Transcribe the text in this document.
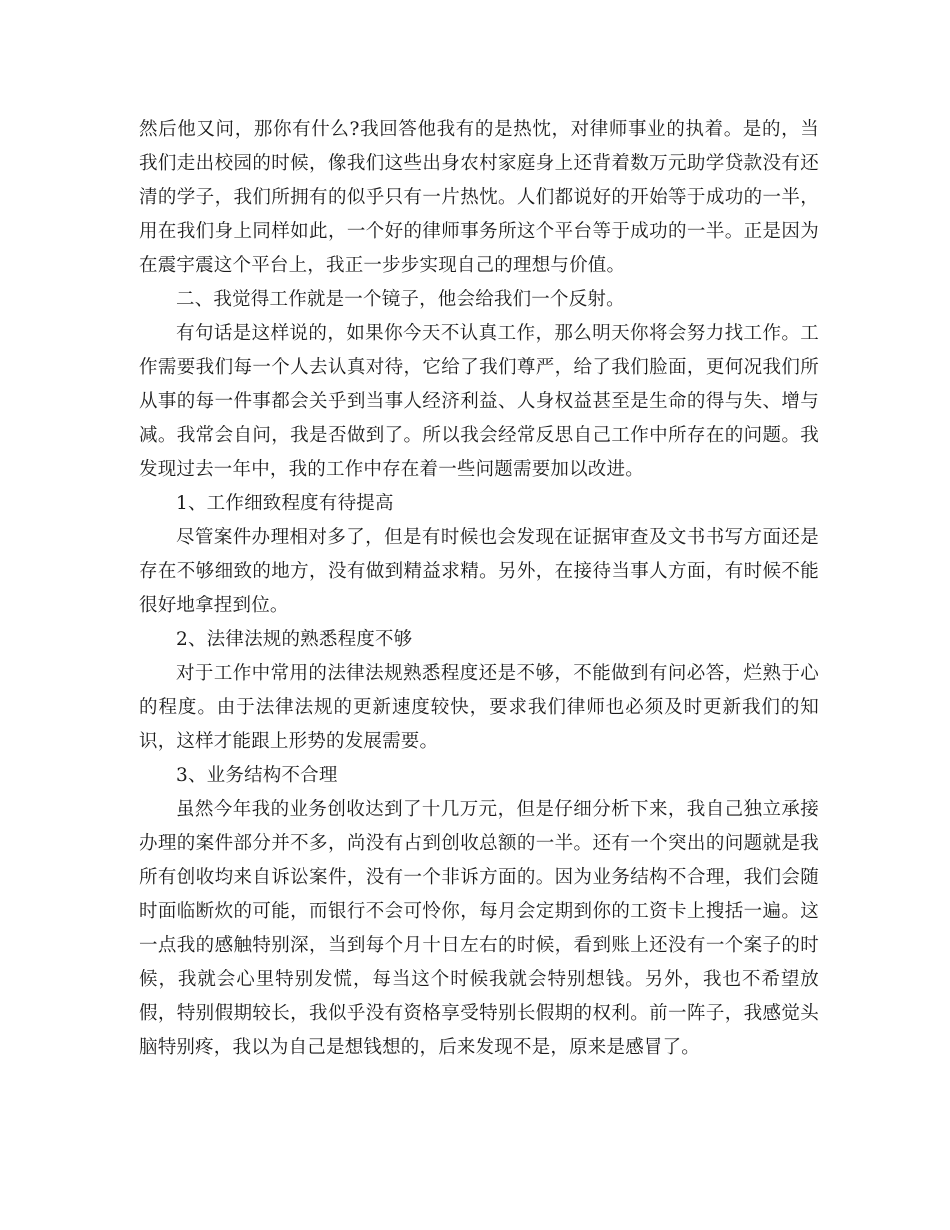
然后他又问，那你有什么?我回答他我有的是热忱，对律师事业的执着。是的，当我们走出校园的时候，像我们这些出身农村家庭身上还背着数万元助学贷款没有还清的学子，我们所拥有的似乎只有一片热忱。人们都说好的开始等于成功的一半，用在我们身上同样如此，一个好的律师事务所这个平台等于成功的一半。正是因为在震宇震这个平台上，我正一步步实现自己的理想与价值。

二、我觉得工作就是一个镜子，他会给我们一个反射。

有句话是这样说的，如果你今天不认真工作，那么明天你将会努力找工作。工作需要我们每一个人去认真对待，它给了我们尊严，给了我们脸面，更何况我们所从事的每一件事都会关乎到当事人经济利益、人身权益甚至是生命的得与失、增与减。我常会自问，我是否做到了。所以我会经常反思自己工作中所存在的问题。我发现过去一年中，我的工作中存在着一些问题需要加以改进。

1、工作细致程度有待提高

尽管案件办理相对多了，但是有时候也会发现在证据审查及文书书写方面还是存在不够细致的地方，没有做到精益求精。另外，在接待当事人方面，有时候不能很好地拿捏到位。

2、法律法规的熟悉程度不够

对于工作中常用的法律法规熟悉程度还是不够，不能做到有问必答，烂熟于心的程度。由于法律法规的更新速度较快，要求我们律师也必须及时更新我们的知识，这样才能跟上形势的发展需要。

3、业务结构不合理

虽然今年我的业务创收达到了十几万元，但是仔细分析下来，我自己独立承接办理的案件部分并不多，尚没有占到创收总额的一半。还有一个突出的问题就是我所有创收均来自诉讼案件，没有一个非诉方面的。因为业务结构不合理，我们会随时面临断炊的可能，而银行不会可怜你，每月会定期到你的工资卡上搜括一遍。这一点我的感触特别深，当到每个月十日左右的时候，看到账上还没有一个案子的时候，我就会心里特别发慌，每当这个时候我就会特别想钱。另外，我也不希望放假，特别假期较长，我似乎没有资格享受特别长假期的权利。前一阵子，我感觉头脑特别疼，我以为自己是想钱想的，后来发现不是，原来是感冒了。
